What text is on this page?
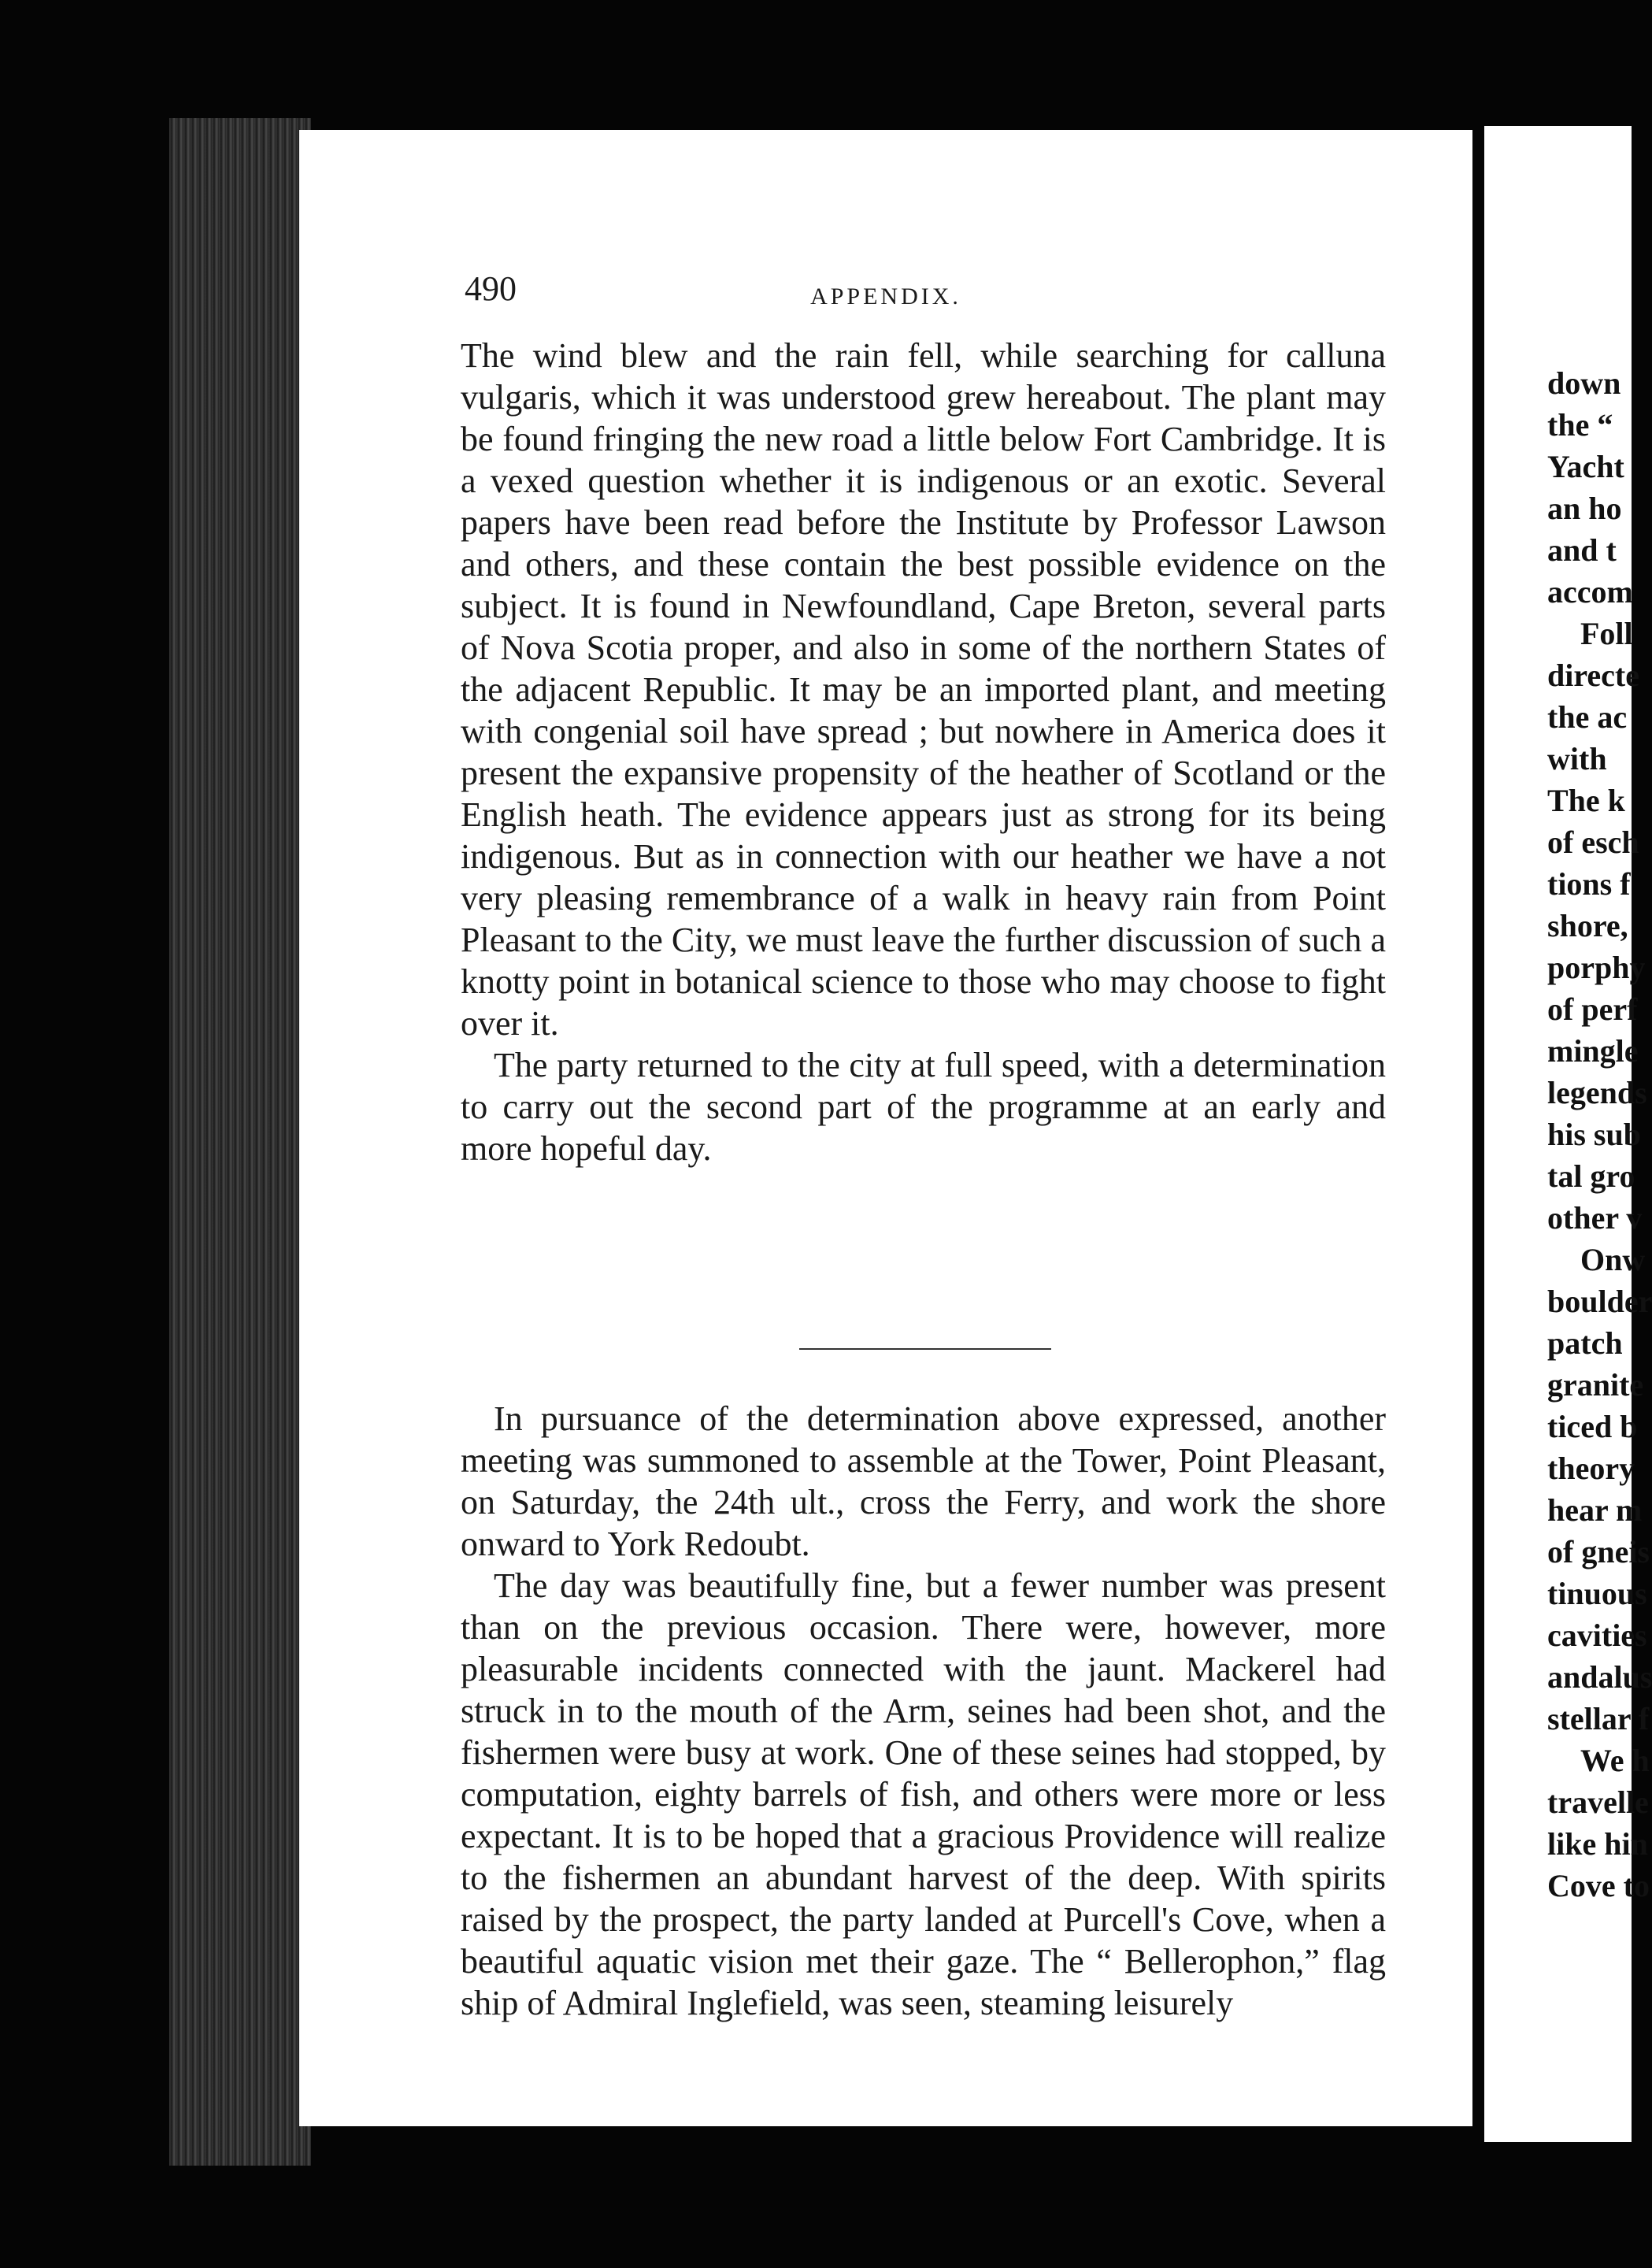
490	APPENDIX.

The wind blew and the rain fell, while searching for calluna vulgaris, which it was understood grew hereabout. The plant may be found fringing the new road a little below Fort Cambridge. It is a vexed question whether it is indigenous or an exotic. Several papers have been read before the Institute by Professor Lawson and others, and these contain the best possible evidence on the subject. It is found in Newfoundland, Cape Breton, several parts of Nova Scotia proper, and also in some of the northern States of the adjacent Republic. It may be an imported plant, and meeting with congenial soil have spread ; but nowhere in America does it present the expansive propensity of the heather of Scotland or the English heath. The evidence appears just as strong for its being indigenous. But as in connection with our heather we have a not very pleasing remembrance of a walk in heavy rain from Point Pleasant to the City, we must leave the further discussion of such a knotty point in botanical science to those who may choose to fight over it.

The party returned to the city at full speed, with a determination to carry out the second part of the programme at an early and more hopeful day.

In pursuance of the determination above expressed, another meeting was summoned to assemble at the Tower, Point Pleasant, on Saturday, the 24th ult., cross the Ferry, and work the shore onward to York Redoubt.

The day was beautifully fine, but a fewer number was present than on the previous occasion. There were, however, more pleasurable incidents connected with the jaunt. Mackerel had struck in to the mouth of the Arm, seines had been shot, and the fishermen were busy at work. One of these seines had stopped, by computation, eighty barrels of fish, and others were more or less expectant. It is to be hoped that a gracious Providence will realize to the fishermen an abundant harvest of the deep. With spirits raised by the prospect, the party landed at Purcell's Cove, when a beautiful aquatic vision met their gaze. The “ Bellerophon,” flag ship of Admiral Inglefield, was seen, steaming leisurely

down
the “
Yacht
an ho
and t
accom
Foll
directe
the ac
with
The k
of esch
tions f
shore,
porphy
of perf
mingle
legends
his sub
tal gro
other v
Onw
boulder
patch
granite
ticed b
theory
hear m
of gneis
tinuous
cavities
andalus
stellar f
We h
travelle
like hin
Cove to
